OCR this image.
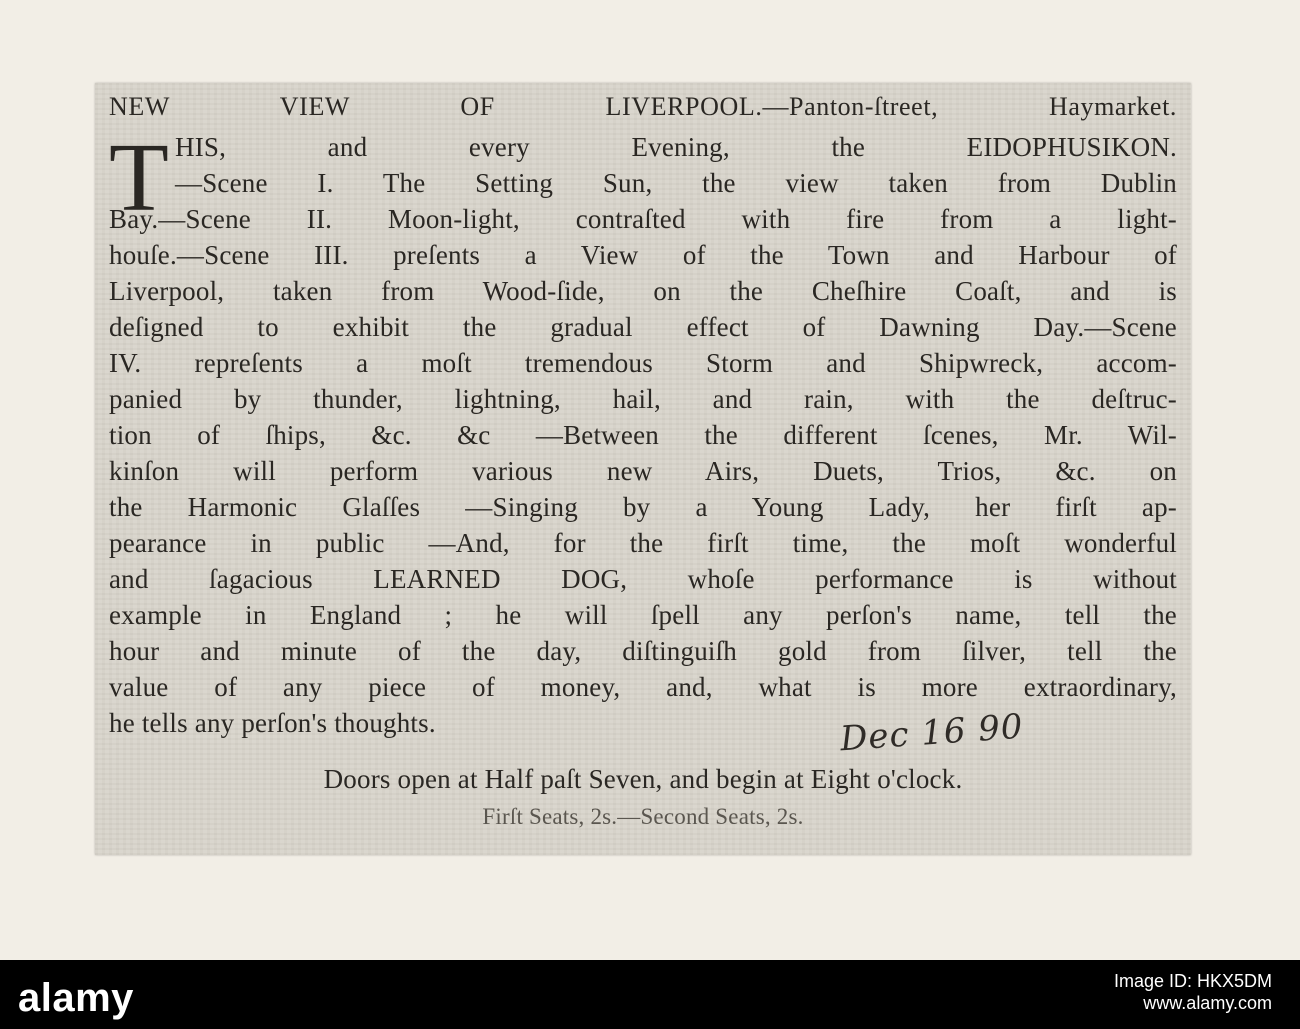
NEW VIEW OF LIVERPOOL.—Panton-ſtreet, Haymarket.
T HIS, and every Evening, the EIDOPHUSIKON.
—Scene I. The Setting Sun, the view taken from Dublin
Bay.—Scene II. Moon-light, contraſted with fire from a light-
houſe.—Scene III. preſents a View of the Town and Harbour of
Liverpool, taken from Wood-ſide, on the Cheſhire Coaſt, and is
deſigned to exhibit the gradual effect of Dawning Day.—Scene
IV. repreſents a moſt tremendous Storm and Shipwreck, accom-
panied by thunder, lightning, hail, and rain, with the deſtruc-
tion of ſhips, &c. &c —Between the different ſcenes, Mr. Wil-
kinſon will perform various new Airs, Duets, Trios, &c. on
the Harmonic Glaſſes —Singing by a Young Lady, her firſt ap-
pearance in public —And, for the firſt time, the moſt wonderful
and ſagacious LEARNED DOG, whoſe performance is without
example in England ; he will ſpell any perſon's name, tell the
hour and minute of the day, diſtinguiſh gold from ſilver, tell the
value of any piece of money, and, what is more extraordinary,
he tells any perſon's thoughts.	Dec 16 90
Doors open at Half paſt Seven, and begin at Eight o'clock.
Firſt Seats, 2s.—Second Seats, 2s.
alamy	Image ID: HKX5DM
www.alamy.com
